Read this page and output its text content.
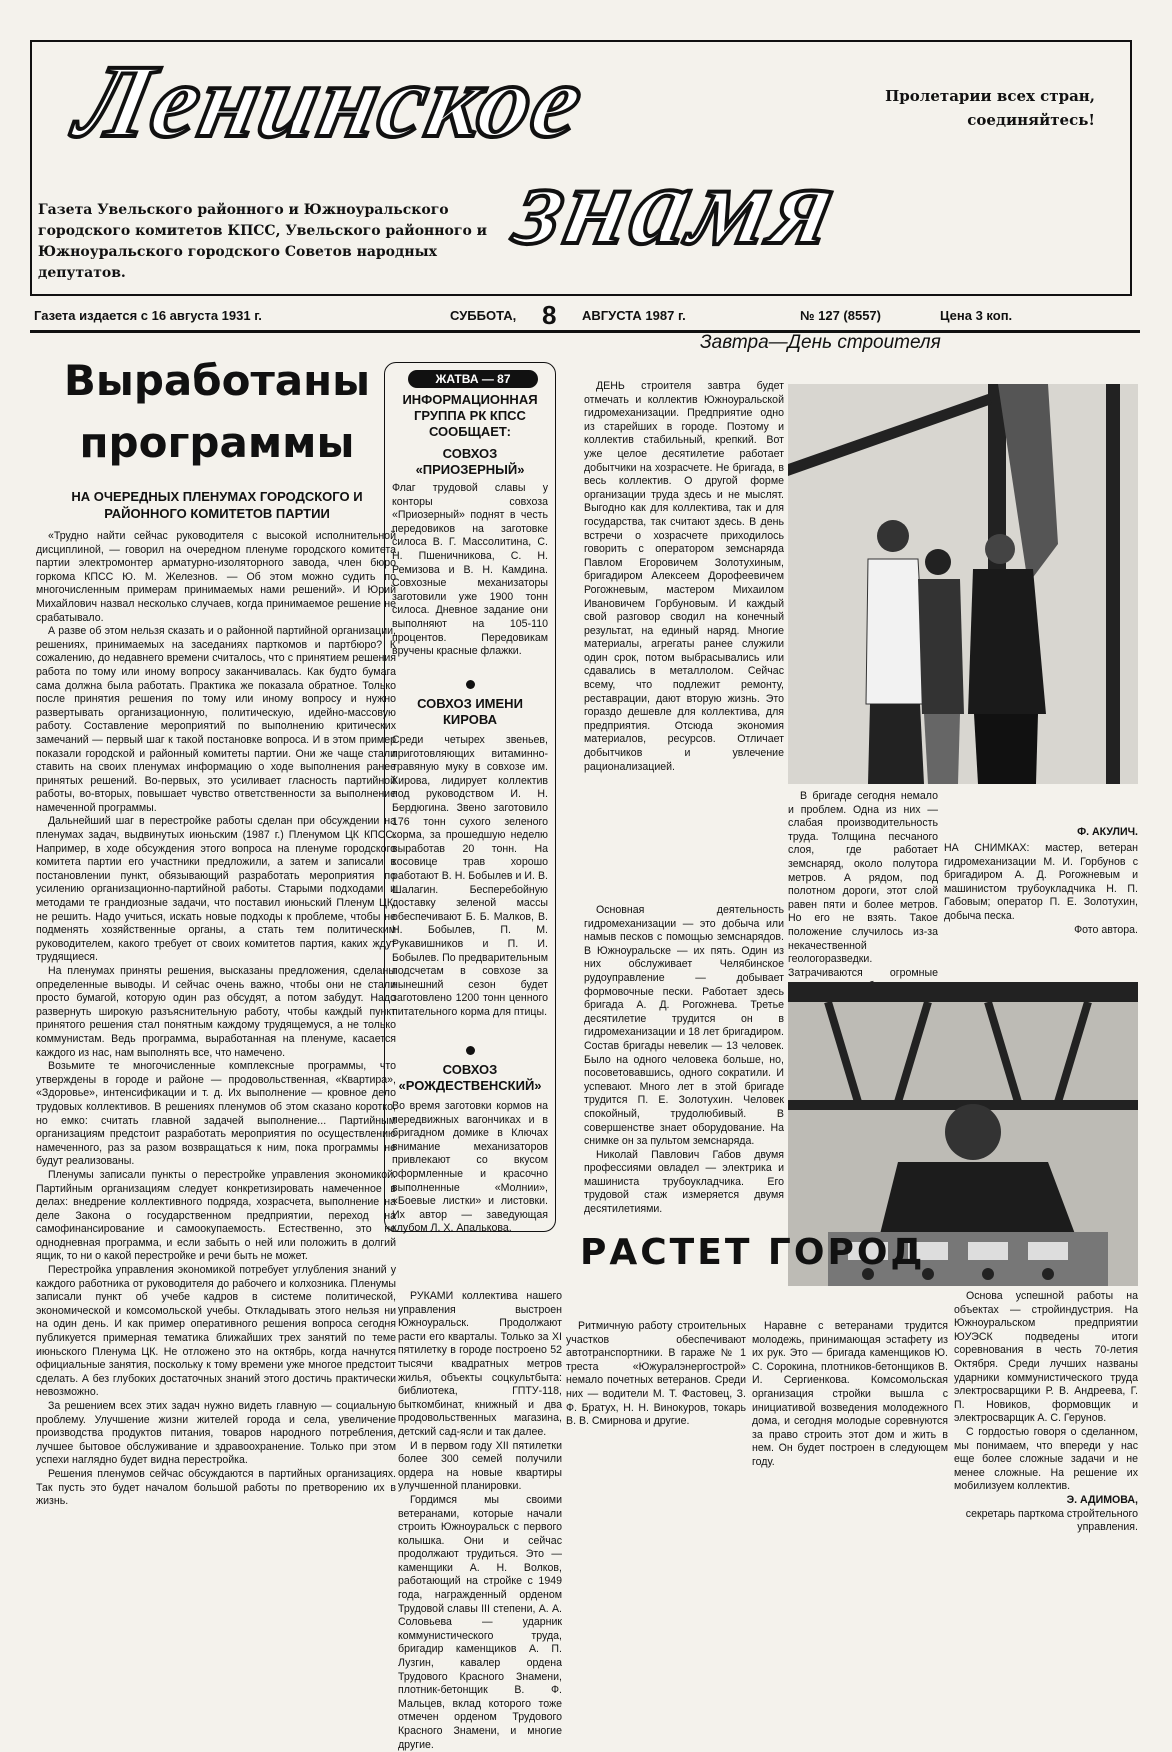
Ленинское
знамя
Пролетарии всех стран, соединяйтесь!
Газета Увельского районного и Южноуральского городского комитетов КПСС, Увельского районного и Южноуральского городского Советов народных депутатов.
Газета издается с 16 августа 1931 г.	СУББОТА, 8 АВГУСТА 1987 г.	№ 127 (8557)	Цена 3 коп.
Выработаны программы
НА ОЧЕРЕДНЫХ ПЛЕНУМАХ ГОРОДСКОГО И РАЙОННОГО КОМИТЕТОВ ПАРТИИ

«Трудно найти сейчас руководителя с высокой исполнительной дисциплиной, — говорил на очередном пленуме городского комитета партии электромонтер арматурно-изоляторного завода, член бюро горкома КПСС Ю. М. Железнов. — Об этом можно судить по многочисленным примерам принимаемых нами решений». И Юрий Михайлович назвал несколько случаев, когда принимаемое решение не срабатывало.

А разве об этом нельзя сказать и о районной партийной организации, решениях, принимаемых на заседаниях парткомов и партбюро? К сожалению, до недавнего времени считалось, что с принятием решения работа по тому или иному вопросу заканчивалась. Как будто бумага сама должна была работать. Практика же показала обратное. Только после принятия решения по тому или иному вопросу и нужно развертывать организационную, политическую, идейно-массовую работу. Составление мероприятий по выполнению критических замечаний — первый шаг к такой постановке вопроса. И в этом пример показали городской и районный комитеты партии. Они же чаще стали ставить на своих пленумах информацию о ходе выполнения ранее принятых решений. Во-первых, это усиливает гласность партийной работы, во-вторых, повышает чувство ответственности за выполнение намеченной программы.

Дальнейший шаг в перестройке работы сделан при обсуждении на пленумах задач, выдвинутых июньским (1987 г.) Пленумом ЦК КПСС. Например, в ходе обсуждения этого вопроса на пленуме городского комитета партии его участники предложили, а затем и записали в постановлении пункт, обязывающий разработать мероприятия по усилению организационно-партийной работы. Старыми подходами и методами те грандиозные задачи, что поставил июньский Пленум ЦК, не решить. Надо учиться, искать новые подходы к проблеме, чтобы не подменять хозяйственные органы, а стать тем политическим руководителем, какого требует от своих комитетов партия, каких ждут трудящиеся.

На пленумах приняты решения, высказаны предложения, сделаны определенные выводы. И сейчас очень важно, чтобы они не стали просто бумагой, которую один раз обсудят, а потом забудут. Надо развернуть широкую разъяснительную работу, чтобы каждый пункт принятого решения стал понятным каждому трудящемуся, а не только коммунистам. Ведь программа, выработанная на пленуме, касается каждого из нас, нам выполнять все, что намечено.

Возьмите те многочисленные комплексные программы, что утверждены в городе и районе — продовольственная, «Квартира», «Здоровье», интенсификации и т. д. Их выполнение — кровное дело трудовых коллективов. В решениях пленумов об этом сказано коротко, но емко: считать главной задачей выполнение... Партийным организациям предстоит разработать мероприятия по осуществлению намеченного, раз за разом возвращаться к ним, пока программы не будут реализованы.

Пленумы записали пункты о перестройке управления экономикой. Партийным организациям следует конкретизировать намеченное в делах: внедрение коллективного подряда, хозрасчета, выполнение на деле Закона о государственном предприятии, переход на самофинансирование и самоокупаемость. Естественно, это не однодневная программа, и если забыть о ней или положить в долгий ящик, то ни о какой перестройке и речи быть не может.

Перестройка управления экономикой потребует углубления знаний у каждого работника от руководителя до рабочего и колхозника. Пленумы записали пункт об учебе кадров в системе политической, экономической и комсомольской учебы. Откладывать этого нельзя ни на один день. И как пример оперативного решения вопроса сегодня публикуется примерная тематика ближайших трех занятий по теме июньского Пленума ЦК. Не отложено это на октябрь, когда начнутся официальные занятия, поскольку к тому времени уже многое предстоит сделать. А без глубоких достаточных знаний этого достичь практически невозможно.

За решением всех этих задач нужно видеть главную — социальную проблему. Улучшение жизни жителей города и села, увеличение производства продуктов питания, товаров народного потребления, лучшее бытовое обслуживание и здравоохранение. Только при этом успехи наглядно будет видна перестройка.

Решения пленумов сейчас обсуждаются в партийных организациях. Так пусть это будет началом большой работы по претворению их в жизнь.

ЖАТВА — 87
ИНФОРМАЦИОННАЯ ГРУППА РК КПСС СООБЩАЕТ:
СОВХОЗ «ПРИОЗЕРНЫЙ»
Флаг трудовой славы у конторы совхоза «Приозерный» поднят в честь передовиков на заготовке силоса В. Г. Массолитина, С. Н. Пшеничникова, С. Н. Ремизова и В. Н. Камдина. Совхозные механизаторы заготовили уже 1900 тонн силоса. Дневное задание они выполняют на 105-110 процентов. Передовикам вручены красные флажки.
СОВХОЗ ИМЕНИ КИРОВА
Среди четырех звеньев, приготовляющих витаминно-травяную муку в совхозе им. Кирова, лидирует коллектив под руководством И. Н. Бердюгина. Звено заготовило 176 тонн сухого зеленого корма, за прошедшую неделю выработав 20 тонн. На косовице трав хорошо работают В. Н. Бобылев и И. В. Шалагин. Бесперебойную доставку зеленой массы обеспечивают Б. Б. Малков, В. Н. Бобылев, П. М. Рукавишников и П. И. Бобылев. По предварительным подсчетам в совхозе за нынешний сезон будет заготовлено 1200 тонн ценного питательного корма для птицы.
СОВХОЗ «РОЖДЕСТВЕНСКИЙ»
Во время заготовки кормов на передвижных вагончиках и в бригадном домике в Ключах внимание механизаторов привлекают со вкусом оформленные и красочно выполненные «Молнии», «Боевые листки» и листовки. Их автор — заведующая клубом Л. Х. Апалькова.
Завтра—День строителя

ДЕНЬ строителя завтра будет отмечать и коллектив Южноуральской гидромеханизации. Предприятие одно из старейших в городе. Поэтому и коллектив стабильный, крепкий. Вот уже целое десятилетие работает добытчики на хозрасчете. Не бригада, в весь коллектив. О другой форме организации труда здесь и не мыслят. Выгодно как для коллектива, так и для государства, так считают здесь. В день встречи о хозрасчете приходилось говорить с оператором земснаряда Павлом Егоровичем Золотухиным, бригадиром Алексеем Дорофеевичем Рогожневым, мастером Михаилом Ивановичем Горбуновым. И каждый свой разговор сводил на конечный результат, на единый наряд. Многие материалы, агрегаты ранее служили один срок, потом выбрасывались или сдавались в металлолом. Сейчас всему, что подлежит ремонту, реставрации, дают вторую жизнь. Это гораздо дешевле для коллектива, для предприятия. Отсюда экономия материалов, ресурсов. Отличает добытчиков и увлечение рационализацией.

Основная деятельность гидромеханизации — это добыча или намыв песков с помощью земснарядов. В Южноуральске — их пять. Один из них обслуживает Челябинское рудоуправление — добывает формовочные пески. Работает здесь бригада А. Д. Рогожнева. Третье десятилетие трудится он в гидромеханизации и 18 лет бригадиром. Состав бригады невелик — 13 человек. Было на одного человека больше, но, посоветовавшись, одного сократили. И успевают. Много лет в этой бригаде трудится П. Е. Золотухин. Человек спокойный, трудолюбивый. В совершенстве знает оборудование. На снимке он за пультом земснаряда.

Николай Павлович Габов двумя профессиями овладел — электрика и машиниста трубоукладчика. Его трудовой стаж измеряется двумя десятилетиями.

В бригаде сегодня немало и проблем. Одна из них — слабая производительность труда. Толщина песчаного слоя, где работает земснаряд, около полутора метров. А рядом, под полотном дороги, этот слой равен пяти и более метров. Но его не взять. Такое положение случилось из-за некачественной геологоразведки. Затрачиваются огромные

Ф. АКУЛИЧ.
НА СНИМКАХ: мастер, ветеран гидромеханизации М. И. Горбунов с бригадиром А. Д. Рогожневым и машинистом трубоукладчика Н. П. Габовым; оператор П. Е. Золотухин, добыча песка.
Фото автора.
РАСТЕТ ГОРОД

РУКАМИ коллектива нашего управления выстроен Южноуральск. Продолжают расти его кварталы. Только за XI пятилетку в городе построено 52 тысячи квадратных метров жилья, объекты соцкультбыта: библиотека, ГПТУ-118, быткомбинат, книжный и два продовольственных магазина, детский сад-ясли и так далее.

И в первом году XII пятилетки более 300 семей получили ордера на новые квартиры улучшенной планировки.

Гордимся мы своими ветеранами, которые начали строить Южноуральск с первого колышка. Они и сейчас продолжают трудиться. Это — каменщики А. Н. Волков, работающий на стройке с 1949 года, награжденный орденом Трудовой славы III степени, А. А. Соловьева — ударник коммунистического труда, бригадир каменщиков А. П. Лузгин, кавалер ордена Трудового Красного Знамени, плотник-бетонщик В. Ф. Мальцев, вклад которого тоже отмечен орденом Трудового Красного Знамени, и многие другие.

Ритмичную работу строительных участков обеспечивают автотранспортники. В гараже № 1 треста «Южуралэнергострой» немало почетных ветеранов. Среди них — водители М. Т. Фастовец, З. Ф. Братух, Н. Н. Винокуров, токарь В. В. Смирнова и другие.

Наравне с ветеранами трудится молодежь, принимающая эстафету из их рук. Это — бригада каменщиков Ю. С. Сорокина, плотников-бетонщиков В. И. Сергиенкова. Комсомольская организация стройки вышла с инициативой возведения молодежного дома, и сегодня молодые соревнуются за право строить этот дом и жить в нем. Он будет построен в следующем году.

Основа успешной работы на объектах — стройиндустрия. На Южноуральском предприятии ЮУЭСК подведены итоги соревнования в честь 70-летия Октября. Среди лучших названы ударники коммунистического труда электросварщики Р. В. Андреева, Г. П. Новиков, формовщик и электросварщик А. С. Герунов.

С гордостью говоря о сделанном, мы понимаем, что впереди у нас еще более сложные задачи и не менее сложные. На решение их мобилизуем коллектив.

Э. АДИМОВА,
секретарь парткома стройтельного управления.
